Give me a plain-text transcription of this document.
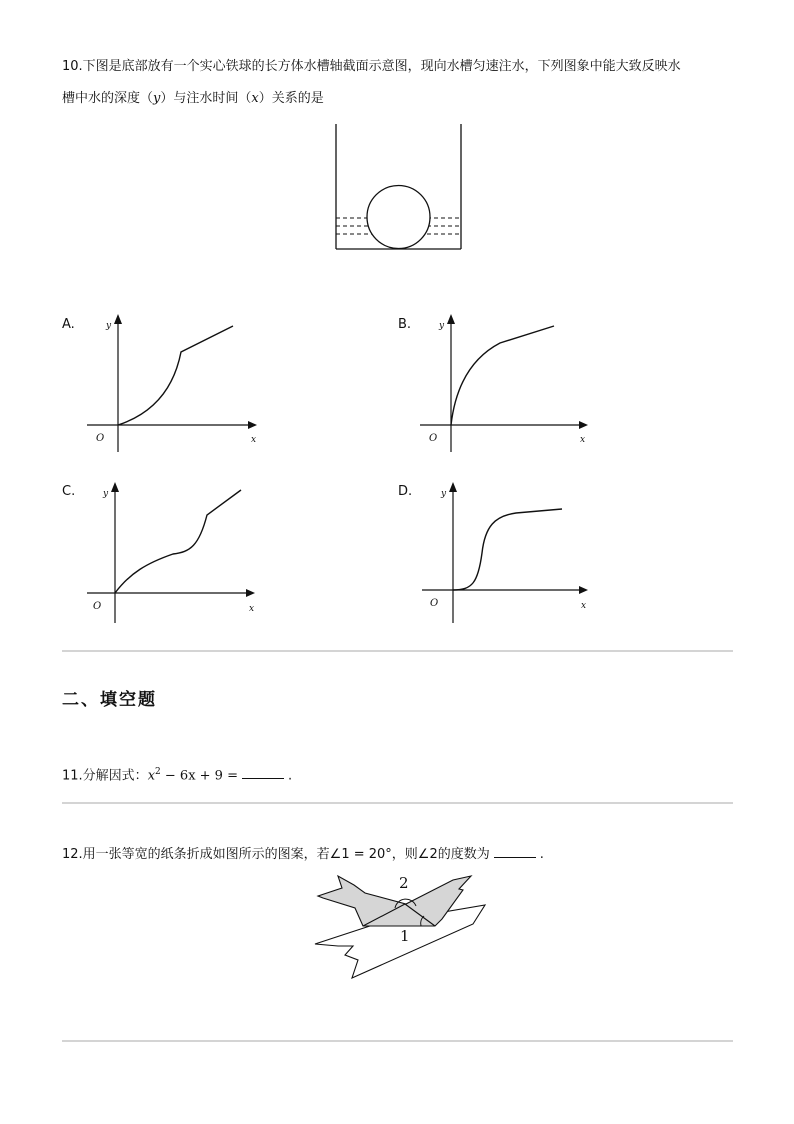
10.下图是底部放有一个实心铁球的长方体水槽轴截面示意图，现向水槽匀速注水，下列图象中能大致反映水
槽中水的深度（y）与注水时间（x）关系的是
A.	y
x
O
B.	y
x
O
C.	y
x
O
D.	y
x
O
二、填空题
11.分解因式：$x^2 - 6x + 9$ =	.
12.用一张等宽的纸条折成如图所示的图案，若∠1 = 20°，则∠2的度数为	.
2
1
